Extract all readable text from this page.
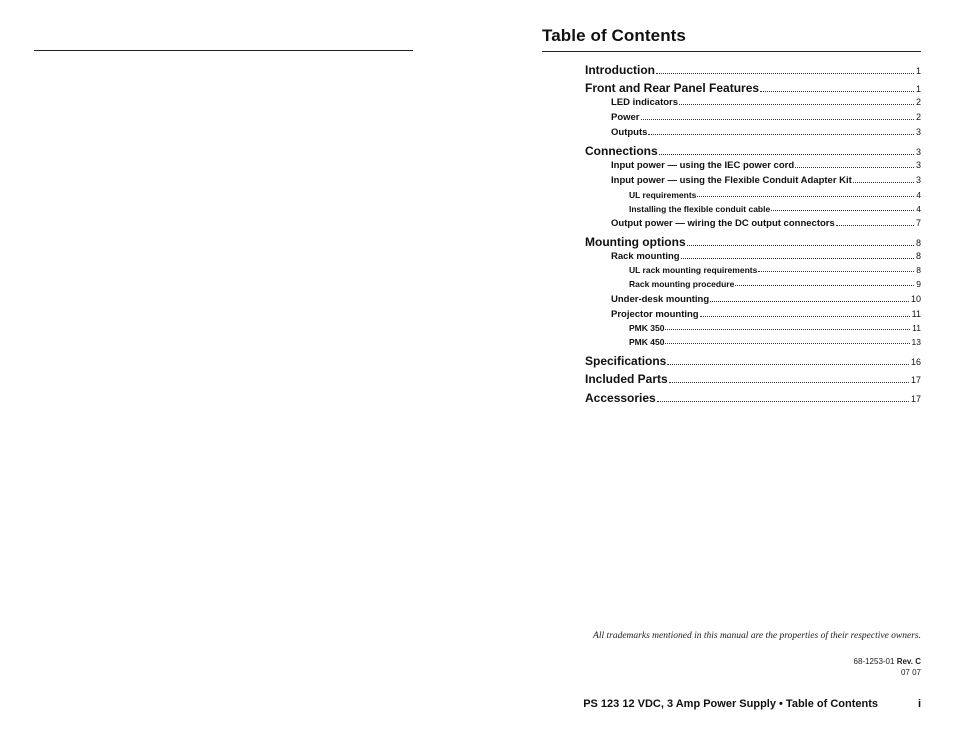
Table of Contents
Introduction	1
Front and Rear Panel Features	1
LED indicators	2
Power	2
Outputs	3
Connections	3
Input power — using the IEC power cord	3
Input power — using the Flexible Conduit Adapter Kit	3
UL requirements	4
Installing the flexible conduit cable	4
Output power — wiring the DC output connectors	7
Mounting options	8
Rack mounting	8
UL rack mounting requirements	8
Rack mounting procedure	9
Under-desk mounting	10
Projector mounting	11
PMK 350	11
PMK 450	13
Specifications	16
Included Parts	17
Accessories	17
All trademarks mentioned in this manual are the properties of their respective owners.
68-1253-01 Rev. C
07 07
PS 123 12 VDC, 3 Amp Power Supply • Table of Contents	i
